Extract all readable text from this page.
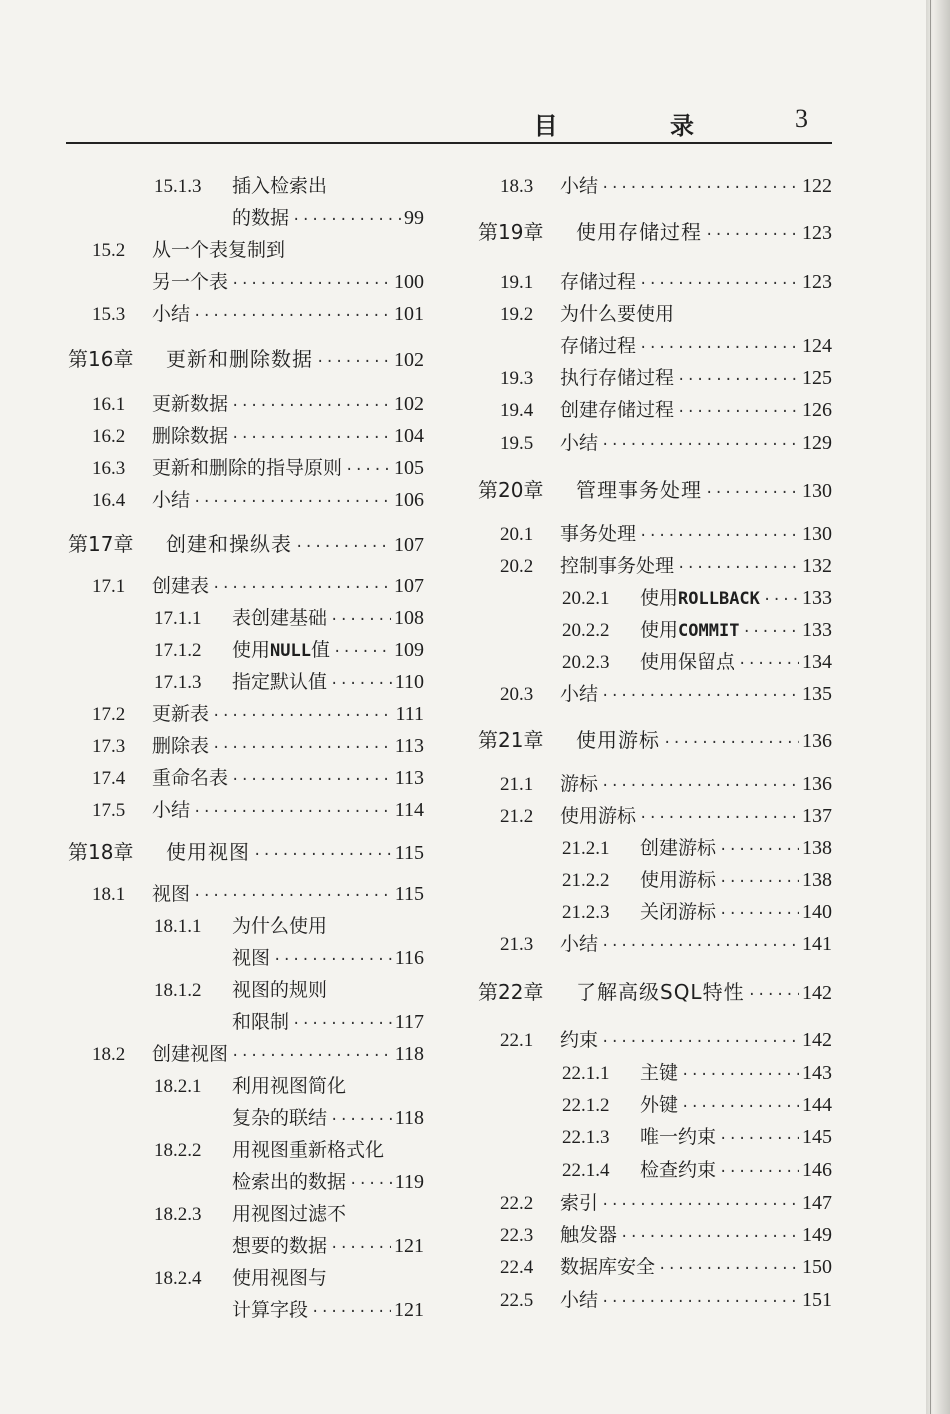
目 录 3
15.1.3	插入检索出
的数据 ·····	99
15.2	从一个表复制到
另一个表 ·····	100
15.3	小结 ·····	101
第16章	更新和删除数据 ·····	102
16.1	更新数据 ·····	102
16.2	删除数据 ·····	104
16.3	更新和删除的指导原则 ·····	105
16.4	小结 ·····	106
第17章	创建和操纵表 ·····	107
17.1	创建表 ·····	107
17.1.1	表创建基础 ·····	108
17.1.2	使用 NULL 值 ·····	109
17.1.3	指定默认值 ·····	110
17.2	更新表 ·····	111
17.3	删除表 ·····	113
17.4	重命名表 ·····	113
17.5	小结 ·····	114
第18章	使用视图 ·····	115
18.1	视图 ·····	115
18.1.1	为什么使用
视图 ·····	116
18.1.2	视图的规则
和限制 ·····	117
18.2	创建视图 ·····	118
18.2.1	利用视图简化
复杂的联结 ·····	118
18.2.2	用视图重新格式化
检索出的数据 ····· 119
18.2.3	用视图过滤不
想要的数据 ·····	121
18.2.4	使用视图与
计算字段 ·····	121
18.3	小结 ·····	122
第19章	使用存储过程 ·····	123
19.1	存储过程 ·····	123
19.2	为什么要使用
存储过程 ·····	124
19.3	执行存储过程 ·····	125
19.4	创建存储过程 ·····	126
19.5	小结 ·····	129
第20章	管理事务处理 ·····	130
20.1	事务处理 ·····	130
20.2	控制事务处理 ·····	132
20.2.1	使用 ROLLBACK ····· 133
20.2.2	使用 COMMIT ·····	133
20.2.3	使用保留点 ·····	134
20.3	小结 ·····	135
第21章	使用游标 ·····	136
21.1	游标 ·····	136
21.2	使用游标 ·····	137
21.2.1	创建游标 ·····	138
21.2.2	使用游标 ·····	138
21.2.3	关闭游标 ·····	140
21.3	小结 ·····	141
第22章	了解高级SQL特性 ·····	142
22.1	约束 ·····	142
22.1.1	主键 ·····	143
22.1.2	外键 ·····	144
22.1.3	唯一约束 ·····	145
22.1.4	检查约束 ·····	146
22.2	索引 ·····	147
22.3	触发器 ·····	149
22.4	数据库安全 ·····	150
22.5	小结 ·····	151
